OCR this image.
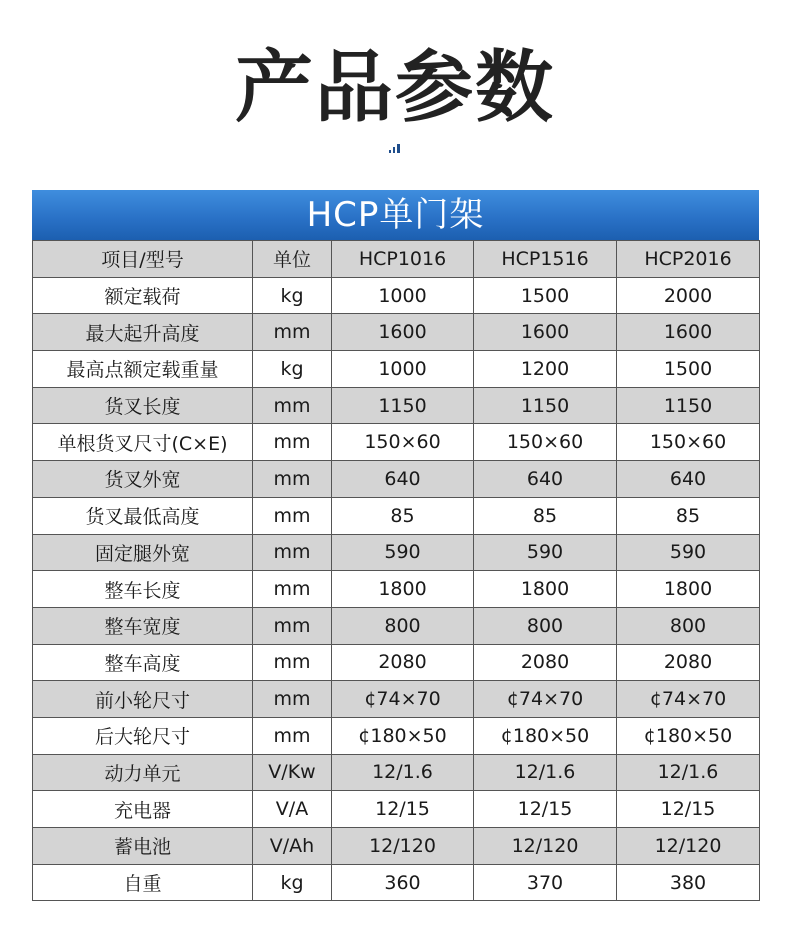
产品参数
HCP单门架
项目/型号	单位	HCP1016	HCP1516	HCP2016
额定载荷	kg	1000	1500	2000
最大起升高度	mm	1600	1600	1600
最高点额定载重量	kg	1000	1200	1500
货叉长度	mm	1150	1150	1150
单根货叉尺寸(C×E)	mm	150×60	150×60	150×60
货叉外宽	mm	640	640	640
货叉最低高度	mm	85	85	85
固定腿外宽	mm	590	590	590
整车长度	mm	1800	1800	1800
整车宽度	mm	800	800	800
整车高度	mm	2080	2080	2080
前小轮尺寸	mm	¢74×70	¢74×70	¢74×70
后大轮尺寸	mm	¢180×50	¢180×50	¢180×50
动力单元	V/Kw	12/1.6	12/1.6	12/1.6
充电器	V/A	12/15	12/15	12/15
蓄电池	V/Ah	12/120	12/120	12/120
自重	kg	360	370	380
